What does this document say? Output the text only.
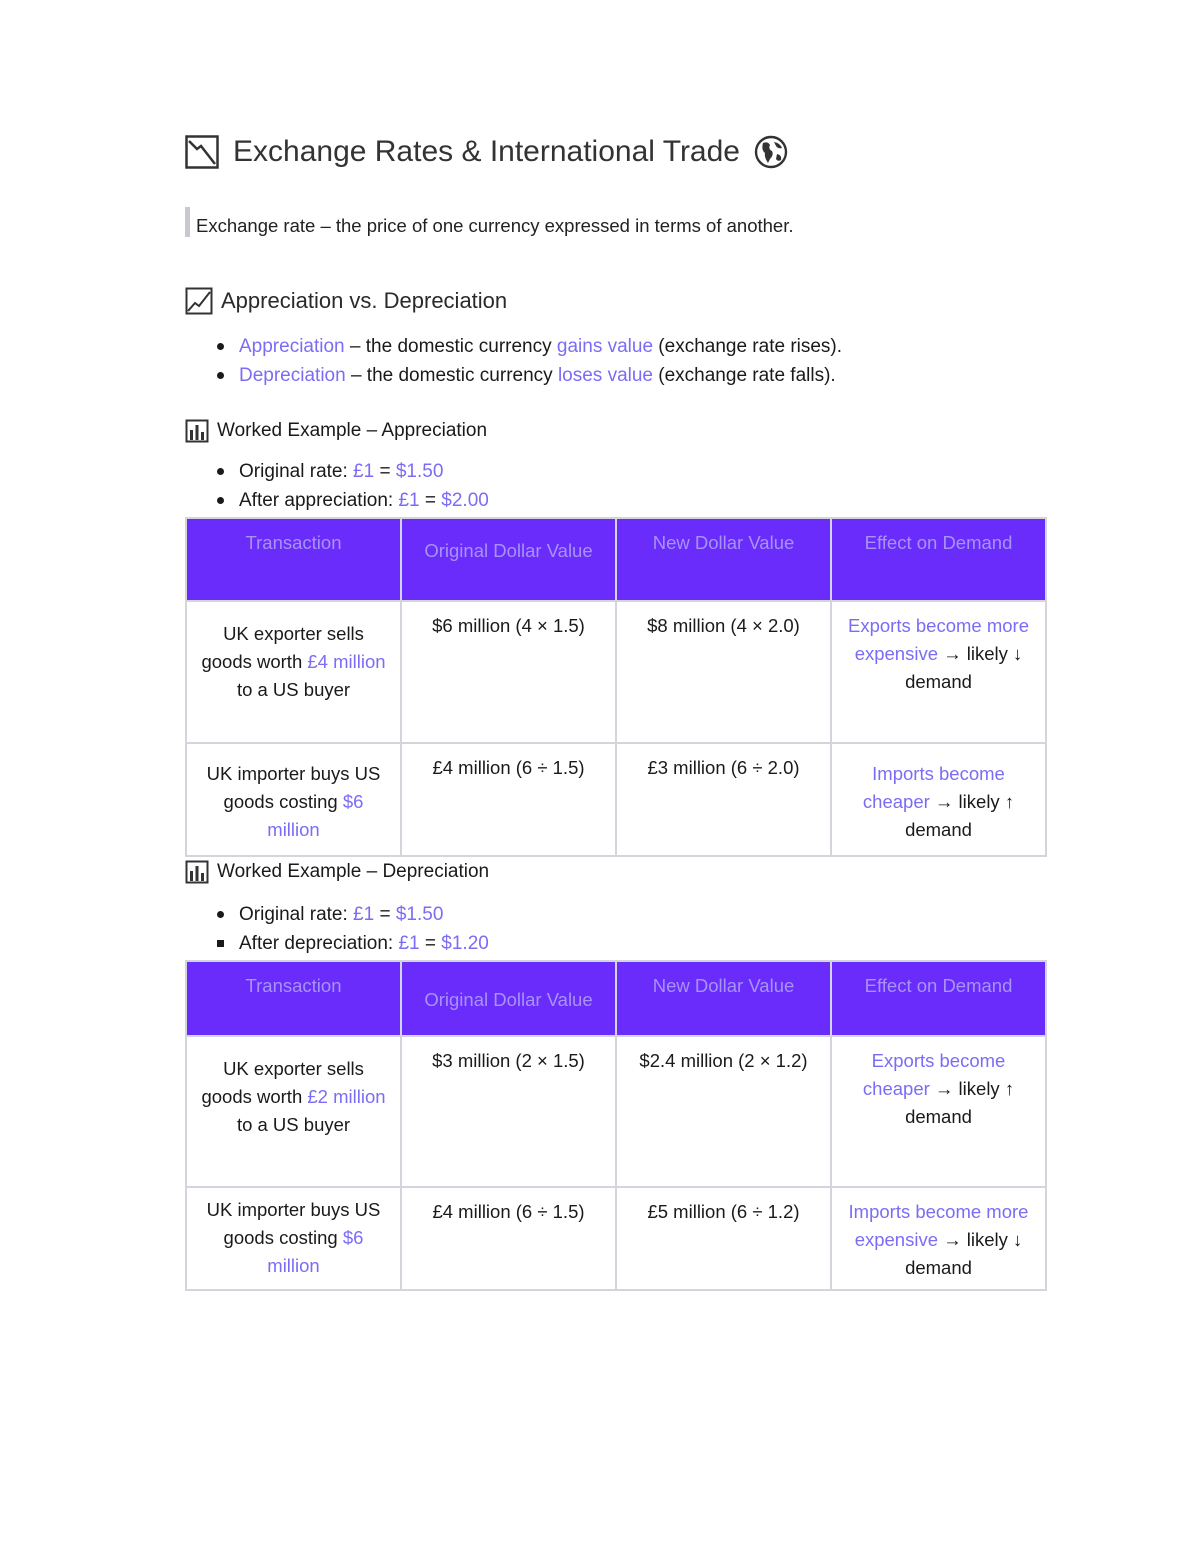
Exchange Rates & International Trade
Exchange rate – the price of one currency expressed in terms of another.
Appreciation vs. Depreciation
Appreciation – the domestic currency gains value (exchange rate rises).
Depreciation – the domestic currency loses value (exchange rate falls).
Worked Example – Appreciation
Original rate: £1 = $1.50
After appreciation: £1 = $2.00
Transaction	Original Dollar Value	New Dollar Value	Effect on Demand
UK exporter sells goods worth £4 million to a US buyer	$6 million (4 × 1.5)	$8 million (4 × 2.0)	Exports become more expensive → likely ↓ demand
UK importer buys US goods costing $6 million	£4 million (6 ÷ 1.5)	£3 million (6 ÷ 2.0)	Imports become cheaper → likely ↑ demand
Worked Example – Depreciation
Original rate: £1 = $1.50
After depreciation: £1 = $1.20
Transaction	Original Dollar Value	New Dollar Value	Effect on Demand
UK exporter sells goods worth £2 million to a US buyer	$3 million (2 × 1.5)	$2.4 million (2 × 1.2)	Exports become cheaper → likely ↑ demand
UK importer buys US goods costing $6 million	£4 million (6 ÷ 1.5)	£5 million (6 ÷ 1.2)	Imports become more expensive → likely ↓ demand
